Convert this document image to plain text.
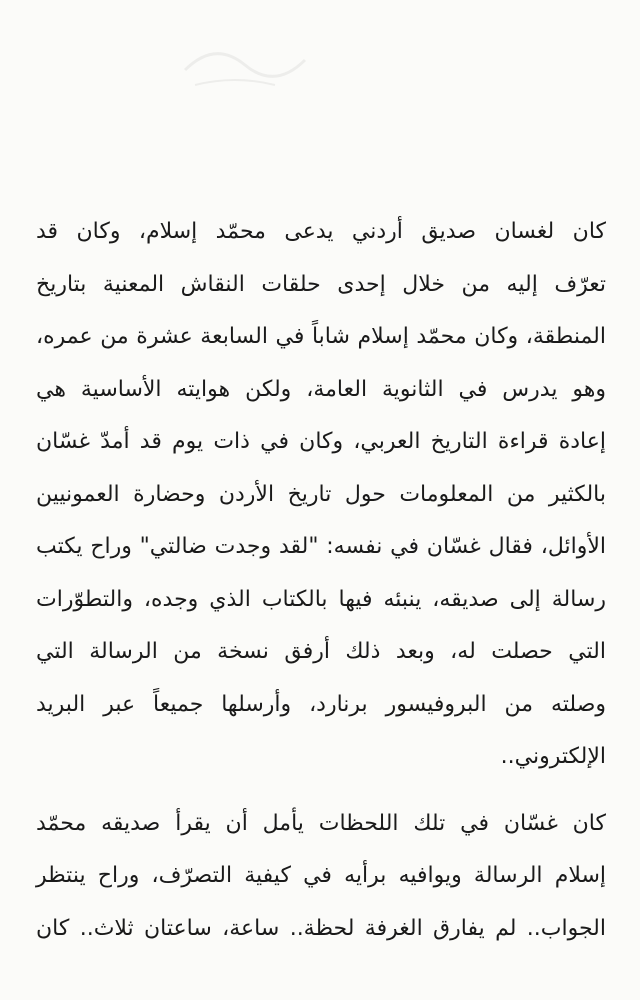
كان لغسان صديق أردني يدعى محمّد إسلام، وكان قد
تعرّف إليه من خلال إحدى حلقات النقاش المعنية بتاريخ
المنطقة، وكان محمّد إسلام شاباً في السابعة عشرة من عمره،
وهو يدرس في الثانوية العامة، ولكن هوايته الأساسية هي
إعادة قراءة التاريخ العربي، وكان في ذات يوم قد أمدّ غسّان
بالكثير من المعلومات حول تاريخ الأردن وحضارة العمونيين
الأوائل، فقال غسّان في نفسه: "لقد وجدت ضالتي" وراح يكتب
رسالة إلى صديقه، ينبئه فيها بالكتاب الذي وجده، والتطوّرات
التي حصلت له، وبعد ذلك أرفق نسخة من الرسالة التي
وصلته من البروفيسور برنارد، وأرسلها جميعاً عبر البريد
الإلكتروني..
كان غسّان في تلك اللحظات يأمل أن يقرأ صديقه محمّد
إسلام الرسالة ويوافيه برأيه في كيفية التصرّف، وراح ينتظر
الجواب.. لم يفارق الغرفة لحظة.. ساعة، ساعتان ثلاث.. كان
